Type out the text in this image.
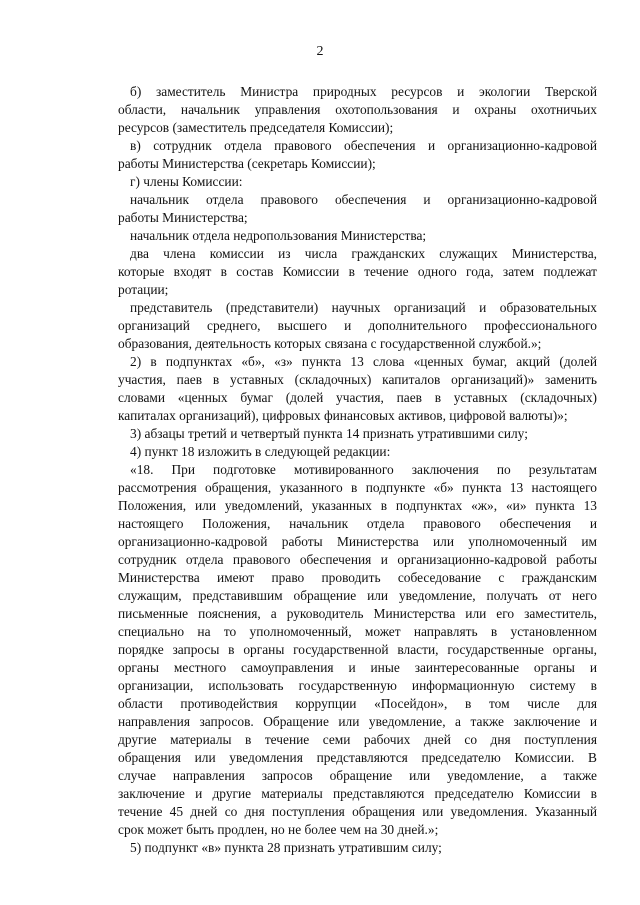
2
б) заместитель Министра природных ресурсов и экологии Тверской
области, начальник управления охотопользования и охраны охотничьих
ресурсов (заместитель председателя Комиссии);
в) сотрудник отдела правового обеспечения и организационно-кадровой
работы Министерства (секретарь Комиссии);
г) члены Комиссии:
начальник отдела правового обеспечения и организационно-кадровой
работы Министерства;
начальник отдела недропользования Министерства;
два члена комиссии из числа гражданских служащих Министерства,
которые входят в состав Комиссии в течение одного года, затем подлежат
ротации;
представитель (представители) научных организаций и образовательных
организаций среднего, высшего и дополнительного профессионального
образования, деятельность которых связана с государственной службой.»;
2) в подпунктах «б», «з» пункта 13 слова «ценных бумаг, акций (долей
участия, паев в уставных (складочных) капиталов организаций)» заменить
словами «ценных бумаг (долей участия, паев в уставных (складочных)
капиталах организаций), цифровых финансовых активов, цифровой валюты)»;
3) абзацы третий и четвертый пункта 14 признать утратившими силу;
4) пункт 18 изложить в следующей редакции:
«18. При подготовке мотивированного заключения по результатам
рассмотрения обращения, указанного в подпункте «б» пункта 13 настоящего
Положения, или уведомлений, указанных в подпунктах «ж», «и» пункта 13
настоящего Положения, начальник отдела правового обеспечения и
организационно-кадровой работы Министерства или уполномоченный им
сотрудник отдела правового обеспечения и организационно-кадровой работы
Министерства имеют право проводить собеседование с гражданским
служащим, представившим обращение или уведомление, получать от него
письменные пояснения, а руководитель Министерства или его заместитель,
специально на то уполномоченный, может направлять в установленном
порядке запросы в органы государственной власти, государственные органы,
органы местного самоуправления и иные заинтересованные органы и
организации, использовать государственную информационную систему в
области противодействия коррупции «Посейдон», в том числе для
направления запросов. Обращение или уведомление, а также заключение и
другие материалы в течение семи рабочих дней со дня поступления
обращения или уведомления представляются председателю Комиссии. В
случае направления запросов обращение или уведомление, а также
заключение и другие материалы представляются председателю Комиссии в
течение 45 дней со дня поступления обращения или уведомления. Указанный
срок может быть продлен, но не более чем на 30 дней.»;
5) подпункт «в» пункта 28 признать утратившим силу;
